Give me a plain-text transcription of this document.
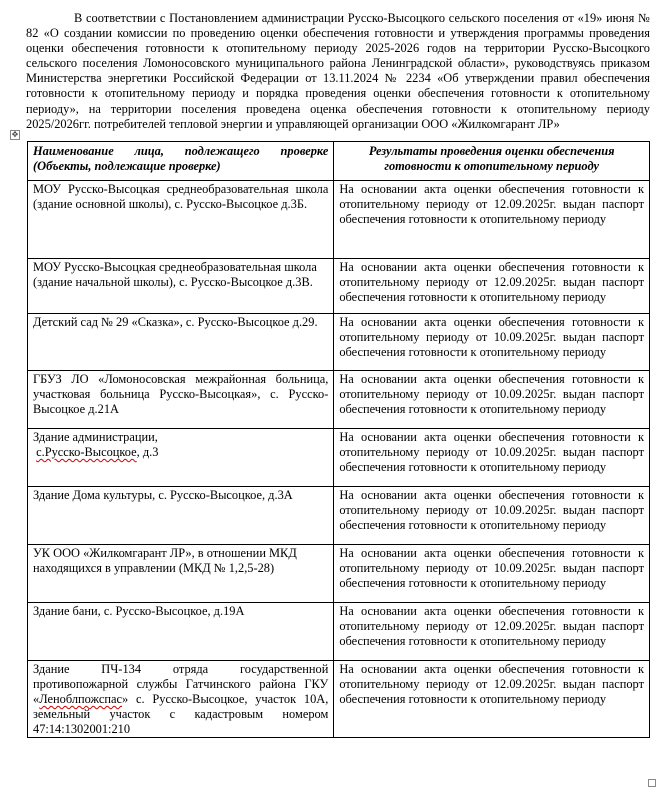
В соответствии с Постановлением администрации Русско-Высоцкого сельского поселения от «19» июня № 82 «О создании комиссии по проведению оценки обеспечения готовности и утверждения программы проведения оценки обеспечения готовности к отопительному периоду 2025-2026 годов на территории Русско-Высоцкого сельского поселения Ломоносовского муниципального района Ленинградской области», руководствуясь приказом Министерства энергетики Российской Федерации от 13.11.2024 № 2234 «Об утверждении правил обеспечения готовности к отопительному периоду и порядка проведения оценки обеспечения готовности к отопительному периоду», на территории поселения проведена оценка обеспечения готовности к отопительному периоду 2025/2026гг. потребителей тепловой энергии и управляющей организации ООО «Жилкомгарант ЛР»

✥
Наименование лица, подлежащего проверке (Объекты, подлежащие проверке)	Результаты проведения оценки обеспечения готовности к отопительному периоду
МОУ Русско-Высоцкая среднеобразовательная школа (здание основной школы), с. Русско-Высоцкое д.3Б.	На основании акта оценки обеспечения готовности к отопительному периоду от 12.09.2025г. выдан паспорт обеспечения готовности к отопительному периоду
МОУ Русско-Высоцкая среднеобразовательная школа (здание начальной школы), с. Русско-Высоцкое д.3В.	На основании акта оценки обеспечения готовности к отопительному периоду от 12.09.2025г. выдан паспорт обеспечения готовности к отопительному периоду
Детский сад № 29 «Сказка», с. Русско-Высоцкое д.29.	На основании акта оценки обеспечения готовности к отопительному периоду от 10.09.2025г. выдан паспорт обеспечения готовности к отопительному периоду
ГБУЗ ЛО «Ломоносовская межрайонная больница, участковая больница Русско-Высоцкая», с. Русско-Высоцкое д.21А	На основании акта оценки обеспечения готовности к отопительному периоду от 10.09.2025г. выдан паспорт обеспечения готовности к отопительному периоду
Здание администрации,
с.Русско-Высоцкое, д.3	На основании акта оценки обеспечения готовности к отопительному периоду от 10.09.2025г. выдан паспорт обеспечения готовности к отопительному периоду
Здание Дома культуры, с. Русско-Высоцкое, д.3А	На основании акта оценки обеспечения готовности к отопительному периоду от 10.09.2025г. выдан паспорт обеспечения готовности к отопительному периоду
УК ООО «Жилкомгарант ЛР», в отношении МКД находящихся в управлении (МКД № 1,2,5-28)	На основании акта оценки обеспечения готовности к отопительному периоду от 10.09.2025г. выдан паспорт обеспечения готовности к отопительному периоду
Здание бани, с. Русско-Высоцкое, д.19А	На основании акта оценки обеспечения готовности к отопительному периоду от 12.09.2025г. выдан паспорт обеспечения готовности к отопительному периоду
Здание ПЧ-134 отряда государственной противопожарной службы Гатчинского района ГКУ «Леноблпожспас» с. Русско-Высоцкое, участок 10А, земельный участок с кадастровым номером 47:14:1302001:210	На основании акта оценки обеспечения готовности к отопительному периоду от 12.09.2025г. выдан паспорт обеспечения готовности к отопительному периоду
